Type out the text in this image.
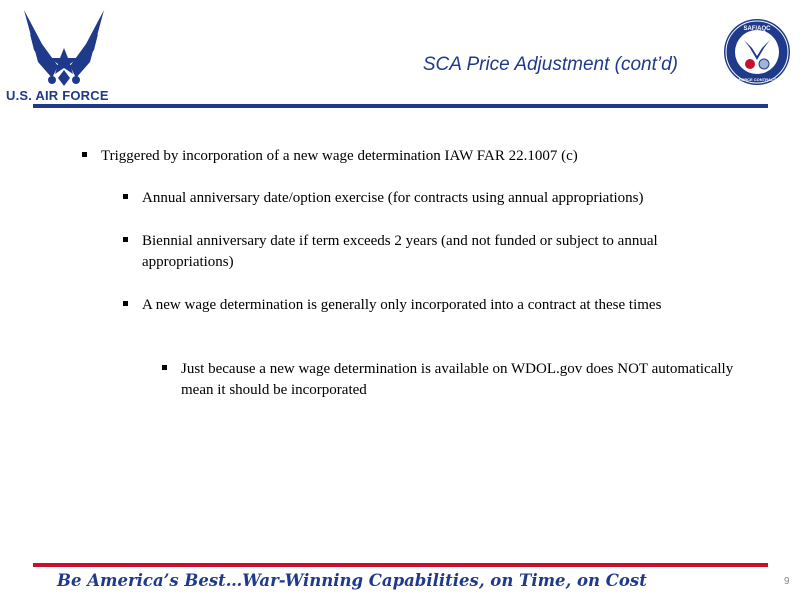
U.S. AIR FORCE
SAF/AQC
AIR FORCE CONTRACTING
SCA Price Adjustment (cont’d)
Triggered by incorporation of a new wage determination IAW FAR 22.1007 (c)
Annual anniversary date/option exercise (for contracts using annual appropriations)
Biennial anniversary date if term exceeds 2 years (and not funded or subject to annual appropriations)
A new wage determination is generally only incorporated into a contract at these times
Just because a new wage determination is available on WDOL.gov does NOT automatically mean it should be incorporated
Be America’s Best…War-Winning Capabilities, on Time, on Cost	9
